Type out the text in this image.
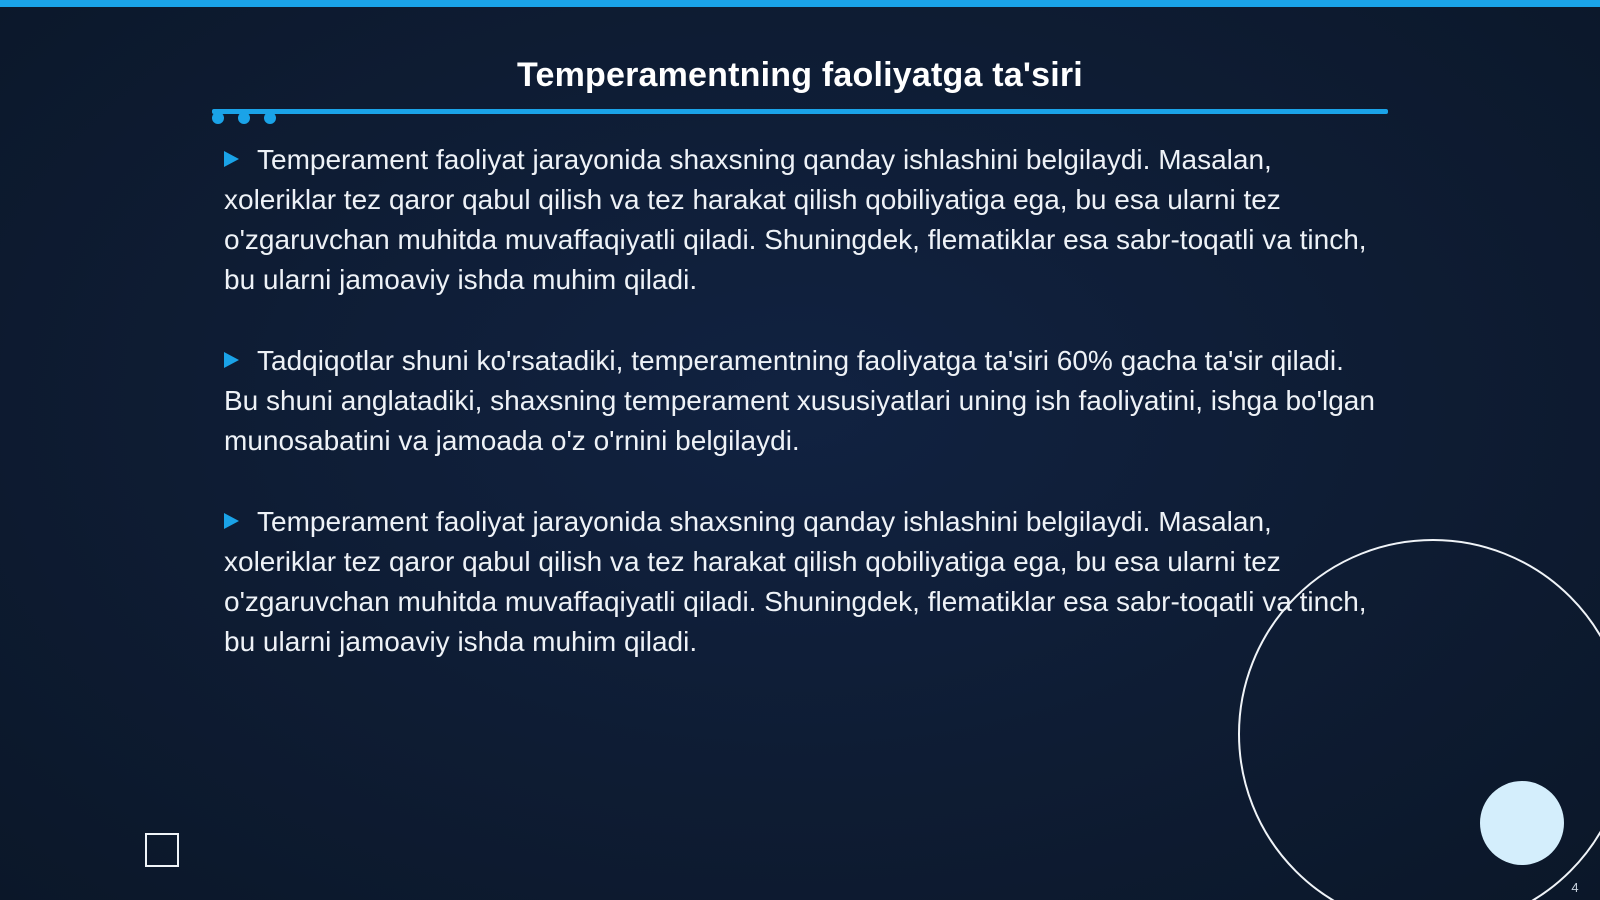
Temperamentning faoliyatga ta'siri

Temperament faoliyat jarayonida shaxsning qanday ishlashini belgilaydi. Masalan, xoleriklar tez qaror qabul qilish va tez harakat qilish qobiliyatiga ega, bu esa ularni tez o'zgaruvchan muhitda muvaffaqiyatli qiladi. Shuningdek, flematiklar esa sabr-toqatli va tinch, bu ularni jamoaviy ishda muhim qiladi.

Tadqiqotlar shuni ko'rsatadiki, temperamentning faoliyatga ta'siri 60% gacha ta'sir qiladi. Bu shuni anglatadiki, shaxsning temperament xususiyatlari uning ish faoliyatini, ishga bo'lgan munosabatini va jamoada o'z o'rnini belgilaydi.

Temperament faoliyat jarayonida shaxsning qanday ishlashini belgilaydi. Masalan, xoleriklar tez qaror qabul qilish va tez harakat qilish qobiliyatiga ega, bu esa ularni tez o'zgaruvchan muhitda muvaffaqiyatli qiladi. Shuningdek, flematiklar esa sabr-toqatli va tinch, bu ularni jamoaviy ishda muhim qiladi.

4
